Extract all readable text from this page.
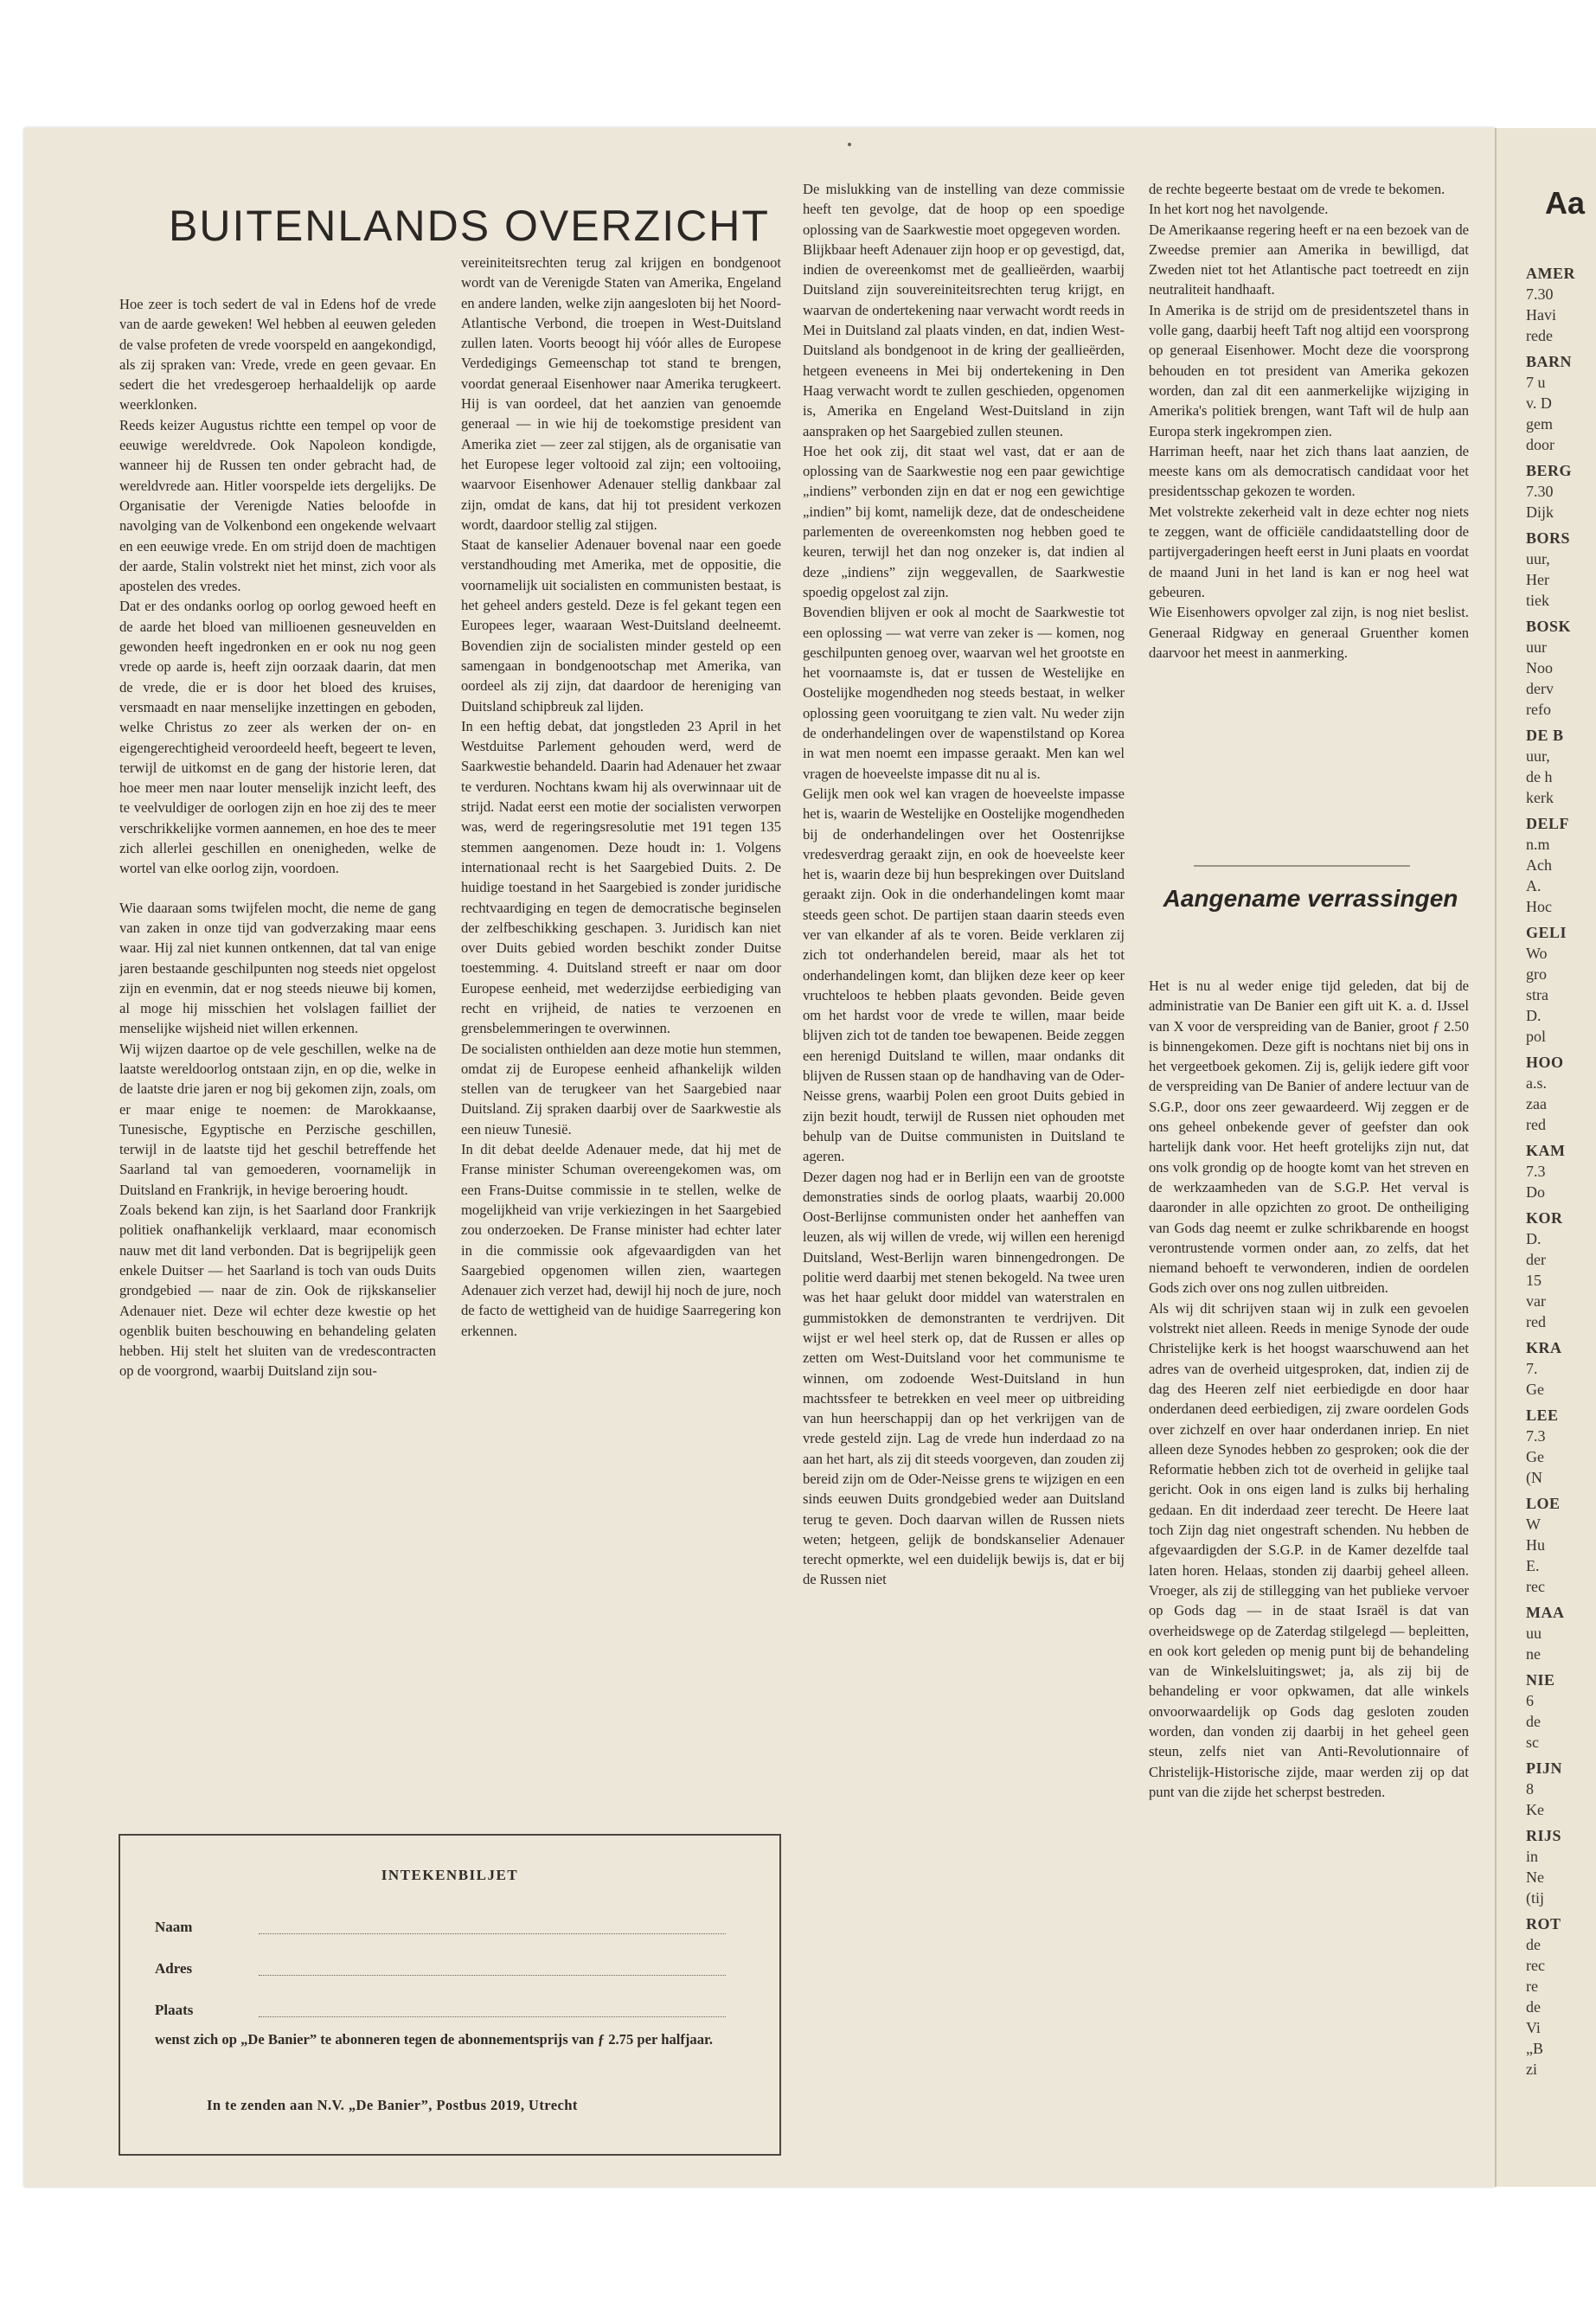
BUITENLANDS OVERZICHT

Hoe zeer is toch sedert de val in Edens hof de vrede van de aarde geweken! Wel hebben al eeuwen geleden de valse profeten de vrede voorspeld en aangekondigd, als zij spraken van: Vrede, vrede en geen gevaar. En sedert die het vredesgeroep herhaaldelijk op aarde weerklonken.

Reeds keizer Augustus richtte een tempel op voor de eeuwige wereldvrede. Ook Napoleon kondigde, wanneer hij de Russen ten onder gebracht had, de wereldvrede aan. Hitler voorspelde iets dergelijks. De Organisatie der Verenigde Naties beloofde in navolging van de Volkenbond een ongekende welvaart en een eeuwige vrede. En om strijd doen de machtigen der aarde, Stalin volstrekt niet het minst, zich voor als apostelen des vredes.

Dat er des ondanks oorlog op oorlog gewoed heeft en de aarde het bloed van millioenen gesneuvelden en gewonden heeft ingedronken en er ook nu nog geen vrede op aarde is, heeft zijn oorzaak daarin, dat men de vrede, die er is door het bloed des kruises, versmaadt en naar menselijke inzettingen en geboden, welke Christus zo zeer als werken der on- en eigengerechtigheid veroordeeld heeft, begeert te leven, terwijl de uitkomst en de gang der historie leren, dat hoe meer men naar louter menselijk inzicht leeft, des te veelvuldiger de oorlogen zijn en hoe zij des te meer verschrikkelijke vormen aannemen, en hoe des te meer zich allerlei geschillen en onenigheden, welke de wortel van elke oorlog zijn, voordoen.

Wie daaraan soms twijfelen mocht, die neme de gang van zaken in onze tijd van godverzaking maar eens waar. Hij zal niet kunnen ontkennen, dat tal van enige jaren bestaande geschilpunten nog steeds niet opgelost zijn en evenmin, dat er nog steeds nieuwe bij komen, al moge hij misschien het volslagen failliet der menselijke wijsheid niet willen erkennen.

Wij wijzen daartoe op de vele geschillen, welke na de laatste wereldoorlog ontstaan zijn, en op die, welke in de laatste drie jaren er nog bij gekomen zijn, zoals, om er maar enige te noemen: de Marokkaanse, Tunesische, Egyptische en Perzische geschillen, terwijl in de laatste tijd het geschil betreffende het Saarland tal van gemoederen, voornamelijk in Duitsland en Frankrijk, in hevige beroering houdt.

Zoals bekend kan zijn, is het Saarland door Frankrijk politiek onafhankelijk verklaard, maar economisch nauw met dit land verbonden. Dat is begrijpelijk geen enkele Duitser — het Saarland is toch van ouds Duits grondgebied — naar de zin. Ook de rijkskanselier Adenauer niet. Deze wil echter deze kwestie op het ogenblik buiten beschouwing en behandeling gelaten hebben. Hij stelt het sluiten van de vredescontracten op de voorgrond, waarbij Duitsland zijn sou-

vereiniteitsrechten terug zal krijgen en bondgenoot wordt van de Verenigde Staten van Amerika, Engeland en andere landen, welke zijn aangesloten bij het Noord-Atlantische Verbond, die troepen in West-Duitsland zullen laten. Voorts beoogt hij vóór alles de Europese Verdedigings Gemeenschap tot stand te brengen, voordat generaal Eisenhower naar Amerika terugkeert. Hij is van oordeel, dat het aanzien van genoemde generaal — in wie hij de toekomstige president van Amerika ziet — zeer zal stijgen, als de organisatie van het Europese leger voltooid zal zijn; een voltooiing, waarvoor Eisenhower Adenauer stellig dankbaar zal zijn, omdat de kans, dat hij tot president verkozen wordt, daardoor stellig zal stijgen.

Staat de kanselier Adenauer bovenal naar een goede verstandhouding met Amerika, met de oppositie, die voornamelijk uit socialisten en communisten bestaat, is het geheel anders gesteld. Deze is fel gekant tegen een Europees leger, waaraan West-Duitsland deelneemt. Bovendien zijn de socialisten minder gesteld op een samengaan in bondgenootschap met Amerika, van oordeel als zij zijn, dat daardoor de hereniging van Duitsland schipbreuk zal lijden.

In een heftig debat, dat jongstleden 23 April in het Westduitse Parlement gehouden werd, werd de Saarkwestie behandeld. Daarin had Adenauer het zwaar te verduren. Nochtans kwam hij als overwinnaar uit de strijd. Nadat eerst een motie der socialisten verworpen was, werd de regeringsresolutie met 191 tegen 135 stemmen aangenomen. Deze houdt in: 1. Volgens internationaal recht is het Saargebied Duits. 2. De huidige toestand in het Saargebied is zonder juridische rechtvaardiging en tegen de democratische beginselen der zelfbeschikking geschapen. 3. Juridisch kan niet over Duits gebied worden beschikt zonder Duitse toestemming. 4. Duitsland streeft er naar om door Europese eenheid, met wederzijdse eerbiediging van recht en vrijheid, de naties te verzoenen en grensbelemmeringen te overwinnen.

De socialisten onthielden aan deze motie hun stemmen, omdat zij de Europese eenheid afhankelijk wilden stellen van de terugkeer van het Saargebied naar Duitsland. Zij spraken daarbij over de Saarkwestie als een nieuw Tunesië.

In dit debat deelde Adenauer mede, dat hij met de Franse minister Schuman overeengekomen was, om een Frans-Duitse commissie in te stellen, welke de mogelijkheid van vrije verkiezingen in het Saargebied zou onderzoeken. De Franse minister had echter later in die commissie ook afgevaardigden van het Saargebied opgenomen willen zien, waartegen Adenauer zich verzet had, dewijl hij noch de jure, noch de facto de wettigheid van de huidige Saarregering kon erkennen.

De mislukking van de instelling van deze commissie heeft ten gevolge, dat de hoop op een spoedige oplossing van de Saarkwestie moet opgegeven worden.

Blijkbaar heeft Adenauer zijn hoop er op gevestigd, dat, indien de overeenkomst met de geallieërden, waarbij Duitsland zijn souvereiniteitsrechten terug krijgt, en waarvan de ondertekening naar verwacht wordt reeds in Mei in Duitsland zal plaats vinden, en dat, indien West-Duitsland als bondgenoot in de kring der geallieërden, hetgeen eveneens in Mei bij ondertekening in Den Haag verwacht wordt te zullen geschieden, opgenomen is, Amerika en Engeland West-Duitsland in zijn aanspraken op het Saargebied zullen steunen.

Hoe het ook zij, dit staat wel vast, dat er aan de oplossing van de Saarkwestie nog een paar gewichtige „indiens” verbonden zijn en dat er nog een gewichtige „indien” bij komt, namelijk deze, dat de ondescheidene parlementen de overeenkomsten nog hebben goed te keuren, terwijl het dan nog onzeker is, dat indien al deze „indiens” zijn weggevallen, de Saarkwestie spoedig opgelost zal zijn.

Bovendien blijven er ook al mocht de Saarkwestie tot een oplossing — wat verre van zeker is — komen, nog geschilpunten genoeg over, waarvan wel het grootste en het voornaamste is, dat er tussen de Westelijke en Oostelijke mogendheden nog steeds bestaat, in welker oplossing geen vooruitgang te zien valt. Nu weder zijn de onderhandelingen over de wapenstilstand op Korea in wat men noemt een impasse geraakt. Men kan wel vragen de hoeveelste impasse dit nu al is.

Gelijk men ook wel kan vragen de hoeveelste impasse het is, waarin de Westelijke en Oostelijke mogendheden bij de onderhandelingen over het Oostenrijkse vredesverdrag geraakt zijn, en ook de hoeveelste keer het is, waarin deze bij hun besprekingen over Duitsland geraakt zijn. Ook in die onderhandelingen komt maar steeds geen schot. De partijen staan daarin steeds even ver van elkander af als te voren. Beide verklaren zij zich tot onderhandelen bereid, maar als het tot onderhandelingen komt, dan blijken deze keer op keer vruchteloos te hebben plaats gevonden. Beide geven om het hardst voor de vrede te willen, maar beide blijven zich tot de tanden toe bewapenen. Beide zeggen een herenigd Duitsland te willen, maar ondanks dit blijven de Russen staan op de handhaving van de Oder-Neisse grens, waarbij Polen een groot Duits gebied in zijn bezit houdt, terwijl de Russen niet ophouden met behulp van de Duitse communisten in Duitsland te ageren.

Dezer dagen nog had er in Berlijn een van de grootste demonstraties sinds de oorlog plaats, waarbij 20.000 Oost-Berlijnse communisten onder het aanheffen van leuzen, als wij willen de vrede, wij willen een herenigd Duitsland, West-Berlijn waren binnengedrongen. De politie werd daarbij met stenen bekogeld. Na twee uren was het haar gelukt door middel van waterstralen en gummistokken de demonstranten te verdrijven. Dit wijst er wel heel sterk op, dat de Russen er alles op zetten om West-Duitsland voor het communisme te winnen, om zodoende West-Duitsland in hun machtssfeer te betrekken en veel meer op uitbreiding van hun heerschappij dan op het verkrijgen van de vrede gesteld zijn. Lag de vrede hun inderdaad zo na aan het hart, als zij dit steeds voorgeven, dan zouden zij bereid zijn om de Oder-Neisse grens te wijzigen en een sinds eeuwen Duits grondgebied weder aan Duitsland terug te geven. Doch daarvan willen de Russen niets weten; hetgeen, gelijk de bondskanselier Adenauer terecht opmerkte, wel een duidelijk bewijs is, dat er bij de Russen niet

de rechte begeerte bestaat om de vrede te bekomen.

In het kort nog het navolgende.

De Amerikaanse regering heeft er na een bezoek van de Zweedse premier aan Amerika in bewilligd, dat Zweden niet tot het Atlantische pact toetreedt en zijn neutraliteit handhaaft.

In Amerika is de strijd om de presidentszetel thans in volle gang, daarbij heeft Taft nog altijd een voorsprong op generaal Eisenhower. Mocht deze die voorsprong behouden en tot president van Amerika gekozen worden, dan zal dit een aanmerkelijke wijziging in Amerika's politiek brengen, want Taft wil de hulp aan Europa sterk ingekrompen zien.

Harriman heeft, naar het zich thans laat aanzien, de meeste kans om als democratisch candidaat voor het presidentsschap gekozen te worden.

Met volstrekte zekerheid valt in deze echter nog niets te zeggen, want de officiële candidaatstelling door de partijvergaderingen heeft eerst in Juni plaats en voordat de maand Juni in het land is kan er nog heel wat gebeuren.

Wie Eisenhowers opvolger zal zijn, is nog niet beslist. Generaal Ridgway en generaal Gruenther komen daarvoor het meest in aanmerking.

Aangename verrassingen

Het is nu al weder enige tijd geleden, dat bij de administratie van De Banier een gift uit K. a. d. IJssel van X voor de verspreiding van de Banier, groot ƒ 2.50 is binnengekomen. Deze gift is nochtans niet bij ons in het vergeetboek gekomen. Zij is, gelijk iedere gift voor de verspreiding van De Banier of andere lectuur van de S.G.P., door ons zeer gewaardeerd. Wij zeggen er de ons geheel onbekende gever of geefster dan ook hartelijk dank voor. Het heeft grotelijks zijn nut, dat ons volk grondig op de hoogte komt van het streven en de werkzaamheden van de S.G.P. Het verval is daaronder in alle opzichten zo groot. De ontheiliging van Gods dag neemt er zulke schrikbarende en hoogst verontrustende vormen onder aan, zo zelfs, dat het niemand behoeft te verwonderen, indien de oordelen Gods zich over ons nog zullen uitbreiden.

Als wij dit schrijven staan wij in zulk een gevoelen volstrekt niet alleen. Reeds in menige Synode der oude Christelijke kerk is het hoogst waarschuwend aan het adres van de overheid uitgesproken, dat, indien zij de dag des Heeren zelf niet eerbiedigde en door haar onderdanen deed eerbiedigen, zij zware oordelen Gods over zichzelf en over haar onderdanen inriep. En niet alleen deze Synodes hebben zo gesproken; ook die der Reformatie hebben zich tot de overheid in gelijke taal gericht. Ook in ons eigen land is zulks bij herhaling gedaan. En dit inderdaad zeer terecht. De Heere laat toch Zijn dag niet ongestraft schenden. Nu hebben de afgevaardigden der S.G.P. in de Kamer dezelfde taal laten horen. Helaas, stonden zij daarbij geheel alleen. Vroeger, als zij de stillegging van het publieke vervoer op Gods dag — in de staat Israël is dat van overheidswege op de Zaterdag stilgelegd — bepleitten, en ook kort geleden op menig punt bij de behandeling van de Winkelsluitingswet; ja, als zij bij de behandeling er voor opkwamen, dat alle winkels onvoorwaardelijk op Gods dag gesloten zouden worden, dan vonden zij daarbij in het geheel geen steun, zelfs niet van Anti-Revolutionnaire of Christelijk-Historische zijde, maar werden zij op dat punt van die zijde het scherpst bestreden.

INTEKENBILJET
Naam
Adres
Plaats
wenst zich op „De Banier” te abonneren tegen de abonnementsprijs van ƒ 2.75 per halfjaar.
In te zenden aan N.V. „De Banier”, Postbus 2019, Utrecht
Aa
AMER
7.30
Havi
rede
BARN
7 u
v. D
gem
door
BERG
7.30
Dijk
BORS
uur,
Her
tiek
BOSK
uur
Noo
derv
refo
DE B
uur,
de h
kerk
DELF
n.m
Ach
A.
Hoc
GELI
Wo
gro
stra
D.
pol
HOO
a.s.
zaa
red
KAM
7.3
Do
KOR
D.
der
15
var
red
KRA
7.
Ge
LEE
7.3
Ge
(N
LOE
W
Hu
E.
rec
MAA
uu
ne
NIE
6
de
sc
PIJN
8
Ke
RIJS
in
Ne
(tij
ROT
de
rec
re
de
Vi
„B
zi
